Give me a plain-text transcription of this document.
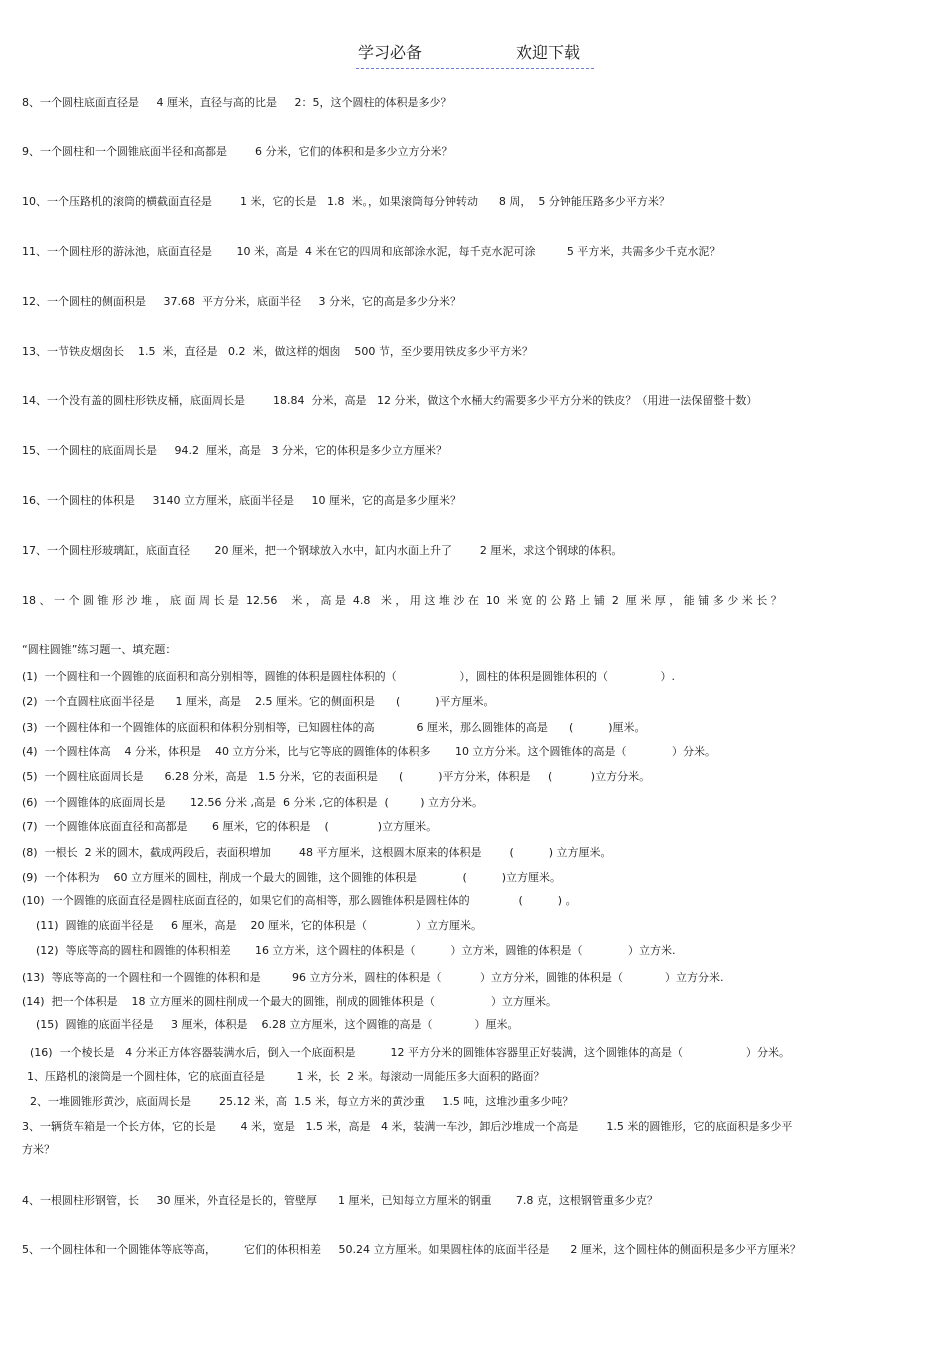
学习必备	欢迎下载
8、一个圆柱底面直径是     4 厘米，直径与高的比是     2：5，这个圆柱的体积是多少？
9、一个圆柱和一个圆锥底面半径和高都是        6 分米，它们的体积和是多少立方分米？
10、一个压路机的滚筒的横截面直径是        1 米，它的长是   1.8  米。，如果滚筒每分钟转动      8 周，  5 分钟能压路多少平方米？
11、一个圆柱形的游泳池，底面直径是       10 米，高是  4 米在它的四周和底部涂水泥，每千克水泥可涂         5 平方米，共需多少千克水泥？
12、一个圆柱的侧面积是     37.68  平方分米，底面半径     3 分米，它的高是多少分米？
13、一节铁皮烟囱长    1.5  米，直径是   0.2  米，做这样的烟囱    500 节，至少要用铁皮多少平方米？
14、一个没有盖的圆柱形铁皮桶，底面周长是        18.84  分米，高是   12 分米，做这个水桶大约需要多少平方分米的铁皮？（用进一法保留整十数）
15、一个圆柱的底面周长是     94.2  厘米，高是   3 分米，它的体积是多少立方厘米？
16、一个圆柱的体积是     3140 立方厘米，底面半径是     10 厘米，它的高是多少厘米？
17、一个圆柱形玻璃缸，底面直径       20 厘米，把一个钢球放入水中，缸内水面上升了        2 厘米，求这个钢球的体积。
18 、 一 个 圆 锥 形 沙 堆 ， 底 面 周 长 是  12.56    米 ， 高 是  4.8   米 ， 用 这 堆 沙 在  10  米 宽 的 公 路 上 铺  2  厘 米 厚 ， 能 铺 多 少 米 长 ？
“圆柱圆锥”练习题一、填充题：
(1)  一个圆柱和一个圆锥的底面积和高分别相等，圆锥的体积是圆柱体积的（                  ），圆柱的体积是圆锥体积的（               ）.
(2)  一个直圆柱底面半径是      1 厘米，高是    2.5 厘米。它的侧面积是      (          )平方厘米。
(3)  一个圆柱体和一个圆锥体的底面积和体积分别相等，已知圆柱体的高            6 厘米，那么圆锥体的高是      (          )厘米。
(4)  一个圆柱体高    4 分米，体积是    40 立方分米，比与它等底的圆锥体的体积多       10 立方分米。这个圆锥体的高是（             ）分米。
(5)  一个圆柱底面周长是      6.28 分米，高是   1.5 分米，它的表面积是      (          )平方分米，体积是     (           )立方分米。
(6)  一个圆锥体的底面周长是       12.56 分米 ,高是  6 分米 ,它的体积是  (         ) 立方分米。
(7)  一个圆锥体底面直径和高都是       6 厘米，它的体积是    (              )立方厘米。
(8)  一根长  2 米的圆木，截成两段后，表面积增加        48 平方厘米，这根圆木原来的体积是        (          ) 立方厘米。
(9)  一个体积为    60 立方厘米的圆柱，削成一个最大的圆锥，这个圆锥的体积是             (          )立方厘米。
(10)  一个圆锥的底面直径是圆柱底面直径的，如果它们的高相等，那么圆锥体积是圆柱体的              (          ) 。
(11)  圆锥的底面半径是     6 厘米，高是    20 厘米，它的体积是（              ）立方厘米。
(12)  等底等高的圆柱和圆锥的体积相差       16 立方米，这个圆柱的体积是（          ）立方米，圆锥的体积是（             ）立方米.
(13)  等底等高的一个圆柱和一个圆锥的体积和是         96 立方分米，圆柱的体积是（           ）立方分米，圆锥的体积是（            ）立方分米.
(14)  把一个体积是    18 立方厘米的圆柱削成一个最大的圆锥，削成的圆锥体积是（                ）立方厘米。
(15)  圆锥的底面半径是     3 厘米，体积是    6.28 立方厘米，这个圆锥的高是（            ）厘米。
(16)  一个棱长是   4 分米正方体容器装满水后，倒入一个底面积是          12 平方分米的圆锥体容器里正好装满，这个圆锥体的高是（                  ）分米。
1、压路机的滚筒是一个圆柱体，它的底面直径是         1 米，长  2 米。每滚动一周能压多大面积的路面？
2、一堆圆锥形黄沙，底面周长是        25.12 米，高  1.5 米，每立方米的黄沙重     1.5 吨，这堆沙重多少吨？
3、一辆货车箱是一个长方体，它的长是       4 米，宽是   1.5 米，高是   4 米，装满一车沙，卸后沙堆成一个高是        1.5 米的圆锥形，它的底面积是多少平
方米？
4、一根圆柱形钢管，长     30 厘米，外直径是长的，管壁厚      1 厘米，已知每立方厘米的钢重       7.8 克，这根钢管重多少克？
5、一个圆柱体和一个圆锥体等底等高，        它们的体积相差     50.24 立方厘米。如果圆柱体的底面半径是      2 厘米，这个圆柱体的侧面积是多少平方厘米？
